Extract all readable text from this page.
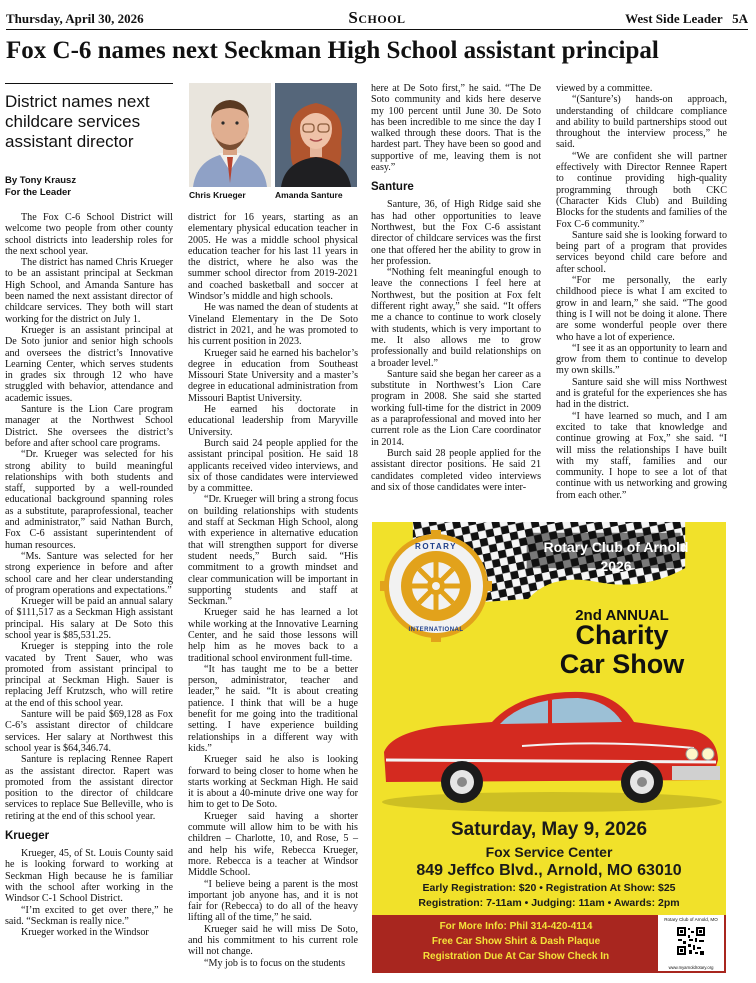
Thursday, April 30, 2026	School	West Side Leader   5A
Fox C-6 names next Seckman High School assistant principal
District names next childcare services assistant director
By Tony Krausz
For the Leader	Chris Krueger	Amanda Santure

The Fox C-6 School District will welcome two people from other county school districts into leadership roles for the next school year.

The district has named Chris Krueger to be an assistant principal at Seckman High School, and Amanda Santure has been named the next assistant director of childcare services. They both will start working for the district on July 1.

Krueger is an assistant principal at De Soto junior and senior high schools and oversees the district’s Innovative Learning Center, which serves students in grades six through 12 who have struggled with behavior, attendance and academic issues.

Santure is the Lion Care program manager at the Northwest School District. She oversees the district’s before and after school care programs.

“Dr. Krueger was selected for his strong ability to build meaningful relationships with both students and staff, supported by a well-rounded educational background spanning roles as a substitute, paraprofessional, teacher and administrator,” said Nathan Burch, Fox C-6 assistant superintendent of human resources.

“Ms. Santure was selected for her strong experience in before and after school care and her clear understanding of program operations and expectations.”

Krueger will be paid an annual salary of $111,517 as a Seckman High assistant principal. His salary at De Soto this school year is $85,531.25.

Krueger is stepping into the role vacated by Trent Sauer, who was promoted from assistant principal to principal at Seckman High. Sauer is replacing Jeff Krutzsch, who will retire at the end of this school year.

Santure will be paid $69,128 as Fox C-6’s assistant director of childcare services. Her salary at Northwest this school year is $64,346.74.

Santure is replacing Rennee Rapert as the assistant director. Rapert was promoted from the assistant director position to the director of childcare services to replace Sue Belleville, who is retiring at the end of this school year.

Krueger

Krueger, 45, of St. Louis County said he is looking forward to working at Seckman High because he is familiar with the school after working in the Windsor C-1 School District.

“I’m excited to get over there,” he said. “Seckman is really nice.”

Krueger worked in the Windsor

district for 16 years, starting as an elementary physical education teacher in 2005. He was a middle school physical education teacher for his last 11 years in the district, where he also was the summer school director from 2019-2021 and coached basketball and soccer at Windsor’s middle and high schools.

He was named the dean of students at Vineland Elementary in the De Soto district in 2021, and he was promoted to his current position in 2023.

Krueger said he earned his bachelor’s degree in education from Southeast Missouri State University and a master’s degree in educational administration from Missouri Baptist University.

He earned his doctorate in educational leadership from Maryville University.

Burch said 24 people applied for the assistant principal position. He said 18 applicants received video interviews, and six of those candidates were interviewed by a committee.

“Dr. Krueger will bring a strong focus on building relationships with students and staff at Seckman High School, along with experience in alternative education that will strengthen support for diverse student needs,” Burch said. “His commitment to a growth mindset and clear communication will be important in supporting students and staff at Seckman.”

Krueger said he has learned a lot while working at the Innovative Learning Center, and he said those lessons will help him as he moves back to a traditional school environment full-time.

“It has taught me to be a better person, administrator, teacher and leader,” he said. “It is about creating patience. I think that will be a huge benefit for me going into the traditional setting. I have experience building relationships in a different way with kids.”

Krueger said he also is looking forward to being closer to home when he starts working at Seckman High. He said it is about a 40-minute drive one way for him to get to De Soto.

Krueger said having a shorter commute will allow him to be with his children – Charlotte, 10, and Rose, 5 – and help his wife, Rebecca Krueger, more. Rebecca is a teacher at Windsor Middle School.

“I believe being a parent is the most important job anyone has, and it is not fair for (Rebecca) to do all of the heavy lifting all of the time,” he said.

Krueger said he will miss De Soto, and his commitment to his current role will not change.

“My job is to focus on the students

here at De Soto first,” he said. “The De Soto community and kids here deserve my 100 percent until June 30. De Soto has been incredible to me since the day I walked through these doors. That is the hardest part. They have been so good and supportive of me, leaving them is not easy.”

Santure

Santure, 36, of High Ridge said she has had other opportunities to leave Northwest, but the Fox C-6 assistant director of childcare services was the first one that offered her the ability to grow in her profession.

“Nothing felt meaningful enough to leave the connections I feel here at Northwest, but the position at Fox felt different right away,” she said. “It offers me a chance to continue to work closely with students, which is very important to me. It also allows me to grow professionally and build relationships on a broader level.”

Santure said she began her career as a substitute in Northwest’s Lion Care program in 2008. She said she started working full-time for the district in 2009 as a paraprofessional and moved into her current role as the Lion Care coordinator in 2014.

Burch said 28 people applied for the assistant director positions. He said 21 candidates completed video interviews and six of those candidates were inter-

viewed by a committee.

“(Santure’s) hands-on approach, understanding of childcare compliance and ability to build partnerships stood out throughout the interview process,” he said.

“We are confident she will partner effectively with Director Rennee Rapert to continue providing high-quality programming through both CKC (Character Kids Club) and Building Blocks for the students and families of the Fox C-6 community.”

Santure said she is looking forward to being part of a program that provides services beyond child care before and after school.

“For me personally, the early childhood piece is what I am excited to grow in and learn,” she said. “The good thing is I will not be doing it alone. There are some wonderful people over there who have a lot of experience.

“I see it as an opportunity to learn and grow from them to continue to develop my own skills.”

Santure said she will miss Northwest and is grateful for the experiences she has had in the district.

“I have learned so much, and I am excited to take that knowledge and continue growing at Fox,” she said. “I will miss the relationships I have built with my staff, families and our community. I hope to see a lot of that continue with us networking and growing from each other.”

Rotary Club of Arnold
2026
ROTARY
INTERNATIONAL
2nd ANNUAL
Charity
Car Show
Saturday, May 9, 2026
Fox Service Center
849 Jeffco Blvd., Arnold, MO 63010
Early Registration: $20 • Registration At Show: $25
Registration: 7-11am • Judging: 11am • Awards: 2pm
For More Info: Phil 314-420-4114
Free Car Show Shirt & Dash Plaque
Registration Due At Car Show Check In
Rotary Club of Arnold, MO
www.myarnoldrotary.org
